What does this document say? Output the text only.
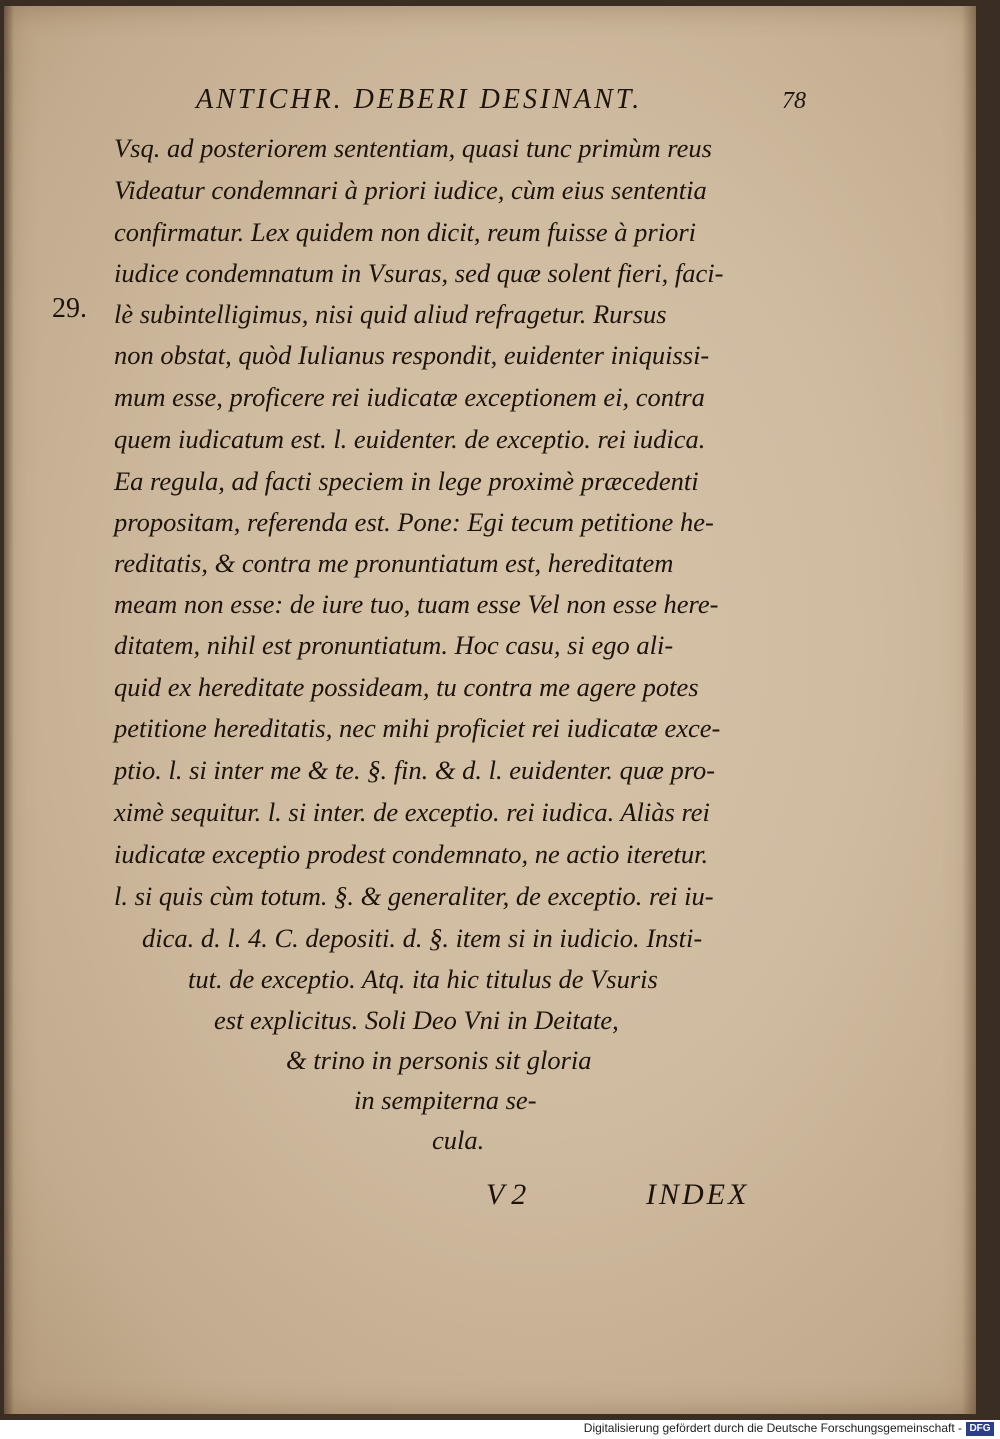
ANTICHR. DEBERI DESINANT.	78
29.
Vsq. ad posteriorem sententiam, quasi tunc primùm reus
Videatur condemnari à priori iudice, cùm eius sententia
confirmatur. Lex quidem non dicit, reum fuisse à priori
iudice condemnatum in Vsuras, sed quæ solent fieri, faci-
lè subintelligimus, nisi quid aliud refragetur. Rursus
non obstat, quòd Iulianus respondit, euidenter iniquissi-
mum esse, proficere rei iudicatæ exceptionem ei, contra
quem iudicatum est. l. euidenter. de exceptio. rei iudica.
Ea regula, ad facti speciem in lege proximè præcedenti
propositam, referenda est. Pone: Egi tecum petitione he-
reditatis, & contra me pronuntiatum est, hereditatem
meam non esse: de iure tuo, tuam esse Vel non esse here-
ditatem, nihil est pronuntiatum. Hoc casu, si ego ali-
quid ex hereditate possideam, tu contra me agere potes
petitione hereditatis, nec mihi proficiet rei iudicatæ exce-
ptio. l. si inter me & te. §. fin. & d. l. euidenter. quæ pro-
ximè sequitur. l. si inter. de exceptio. rei iudica. Aliàs rei
iudicatæ exceptio prodest condemnato, ne actio iteretur.
l. si quis cùm totum. §. & generaliter, de exceptio. rei iu-
dica. d. l. 4. C. depositi. d. §. item si in iudicio. Insti-
tut. de exceptio. Atq. ita hic titulus de Vsuris
est explicitus. Soli Deo Vni in Deitate,
& trino in personis sit gloria
in sempiterna se-
cula.
V 2	INDEX
Digitalisierung gefördert durch die Deutsche Forschungsgemeinschaft - DFG
